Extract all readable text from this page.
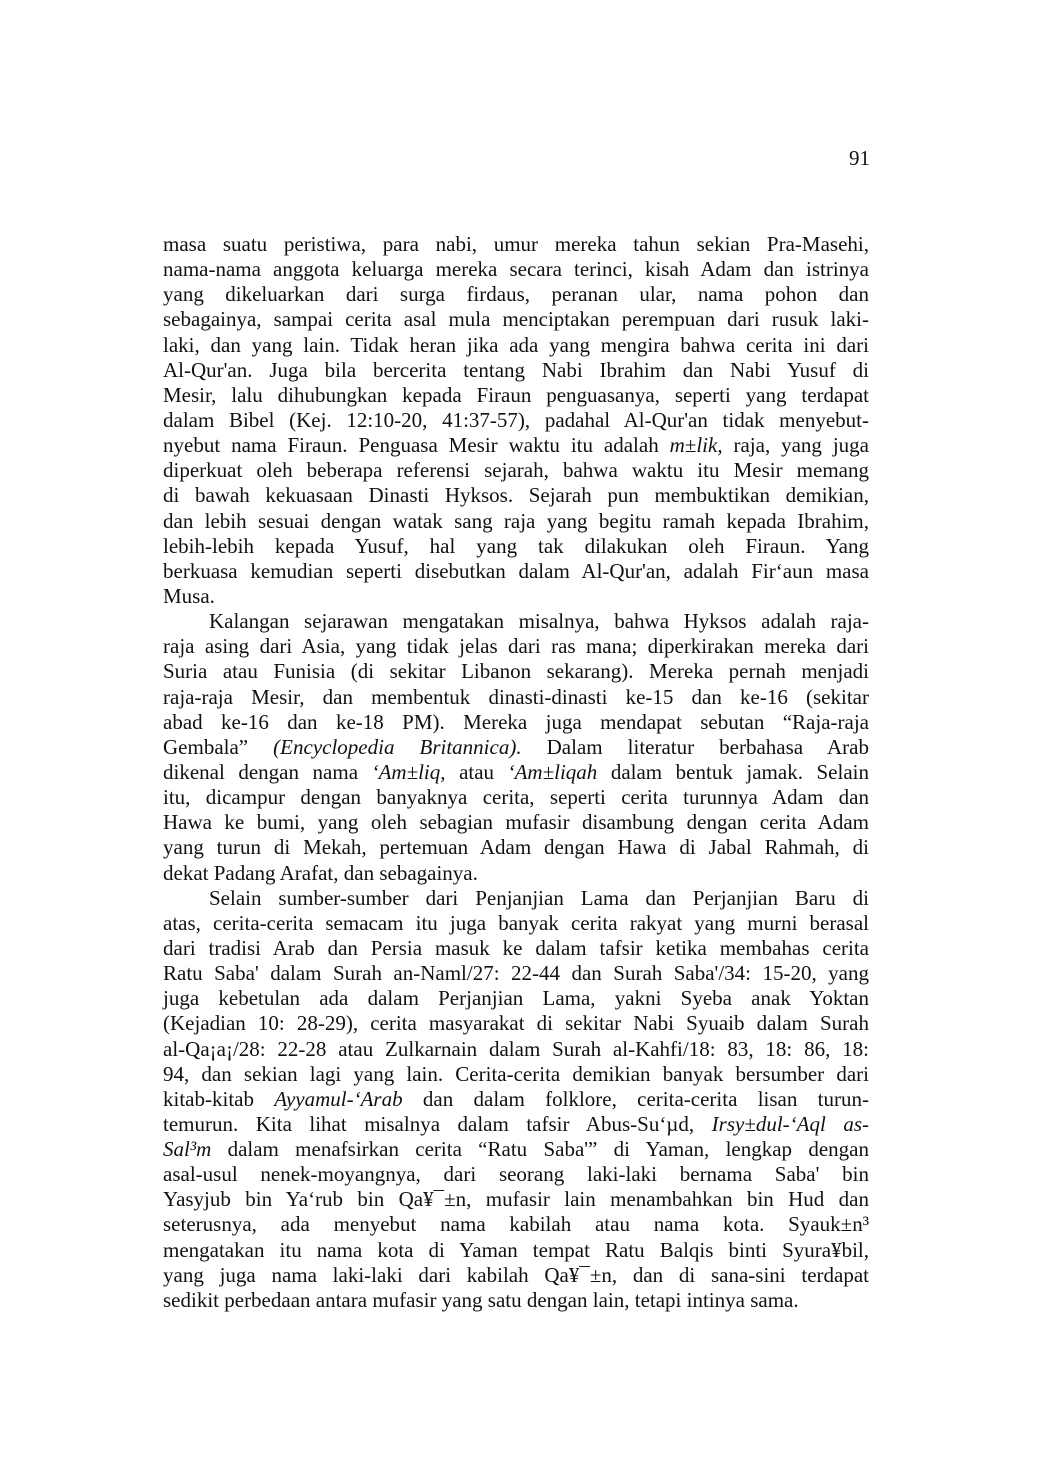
91
masa suatu peristiwa, para nabi, umur mereka tahun sekian Pra-Masehi,
nama-nama anggota keluarga mereka secara terinci, kisah Adam dan istrinya
yang dikeluarkan dari surga firdaus, peranan ular, nama pohon dan
sebagainya, sampai cerita asal mula menciptakan perempuan dari rusuk laki-
laki, dan yang lain. Tidak heran jika ada yang mengira bahwa cerita ini dari
Al-Qur'an. Juga bila bercerita tentang Nabi Ibrahim dan Nabi Yusuf di
Mesir, lalu dihubungkan kepada Firaun penguasanya, seperti yang terdapat
dalam Bibel (Kej. 12:10-20, 41:37-57), padahal Al-Qur'an tidak menyebut-
nyebut nama Firaun. Penguasa Mesir waktu itu adalah m±lik, raja, yang juga
diperkuat oleh beberapa referensi sejarah, bahwa waktu itu Mesir memang
di bawah kekuasaan Dinasti Hyksos. Sejarah pun membuktikan demikian,
dan lebih sesuai dengan watak sang raja yang begitu ramah kepada Ibrahim,
lebih-lebih kepada Yusuf, hal yang tak dilakukan oleh Firaun. Yang
berkuasa kemudian seperti disebutkan dalam Al-Qur'an, adalah Fir‘aun masa
Musa.
Kalangan sejarawan mengatakan misalnya, bahwa Hyksos adalah raja-
raja asing dari Asia, yang tidak jelas dari ras mana; diperkirakan mereka dari
Suria atau Funisia (di sekitar Libanon sekarang). Mereka pernah menjadi
raja-raja Mesir, dan membentuk dinasti-dinasti ke-15 dan ke-16 (sekitar
abad ke-16 dan ke-18 PM). Mereka juga mendapat sebutan “Raja-raja
Gembala” (Encyclopedia Britannica). Dalam literatur berbahasa Arab
dikenal dengan nama ‘Am±liq, atau ‘Am±liqah dalam bentuk jamak. Selain
itu, dicampur dengan banyaknya cerita, seperti cerita turunnya Adam dan
Hawa ke bumi, yang oleh sebagian mufasir disambung dengan cerita Adam
yang turun di Mekah, pertemuan Adam dengan Hawa di Jabal Rahmah, di
dekat Padang Arafat, dan sebagainya.
Selain sumber-sumber dari Penjanjian Lama dan Perjanjian Baru di
atas, cerita-cerita semacam itu juga banyak cerita rakyat yang murni berasal
dari tradisi Arab dan Persia masuk ke dalam tafsir ketika membahas cerita
Ratu Saba' dalam Surah an-Naml/27: 22-44 dan Surah Saba'/34: 15-20, yang
juga kebetulan ada dalam Perjanjian Lama, yakni Syeba anak Yoktan
(Kejadian 10: 28-29), cerita masyarakat di sekitar Nabi Syuaib dalam Surah
al-Qa¡a¡/28: 22-28 atau Zulkarnain dalam Surah al-Kahfi/18: 83, 18: 86, 18:
94, dan sekian lagi yang lain. Cerita-cerita demikian banyak bersumber dari
kitab-kitab Ayyamul-‘Arab dan dalam folklore, cerita-cerita lisan turun-
temurun. Kita lihat misalnya dalam tafsir Abus-Su‘µd, Irsy±dul-‘Aql as-
Sal³m dalam menafsirkan cerita “Ratu Saba'” di Yaman, lengkap dengan
asal-usul nenek-moyangnya, dari seorang laki-laki bernama Saba' bin
Yasyjub bin Ya‘rub bin Qa¥¯±n, mufasir lain menambahkan bin Hud dan
seterusnya, ada menyebut nama kabilah atau nama kota. Syauk±n³
mengatakan itu nama kota di Yaman tempat Ratu Balqis binti Syura¥bil,
yang juga nama laki-laki dari kabilah Qa¥¯±n, dan di sana-sini terdapat
sedikit perbedaan antara mufasir yang satu dengan lain, tetapi intinya sama.
